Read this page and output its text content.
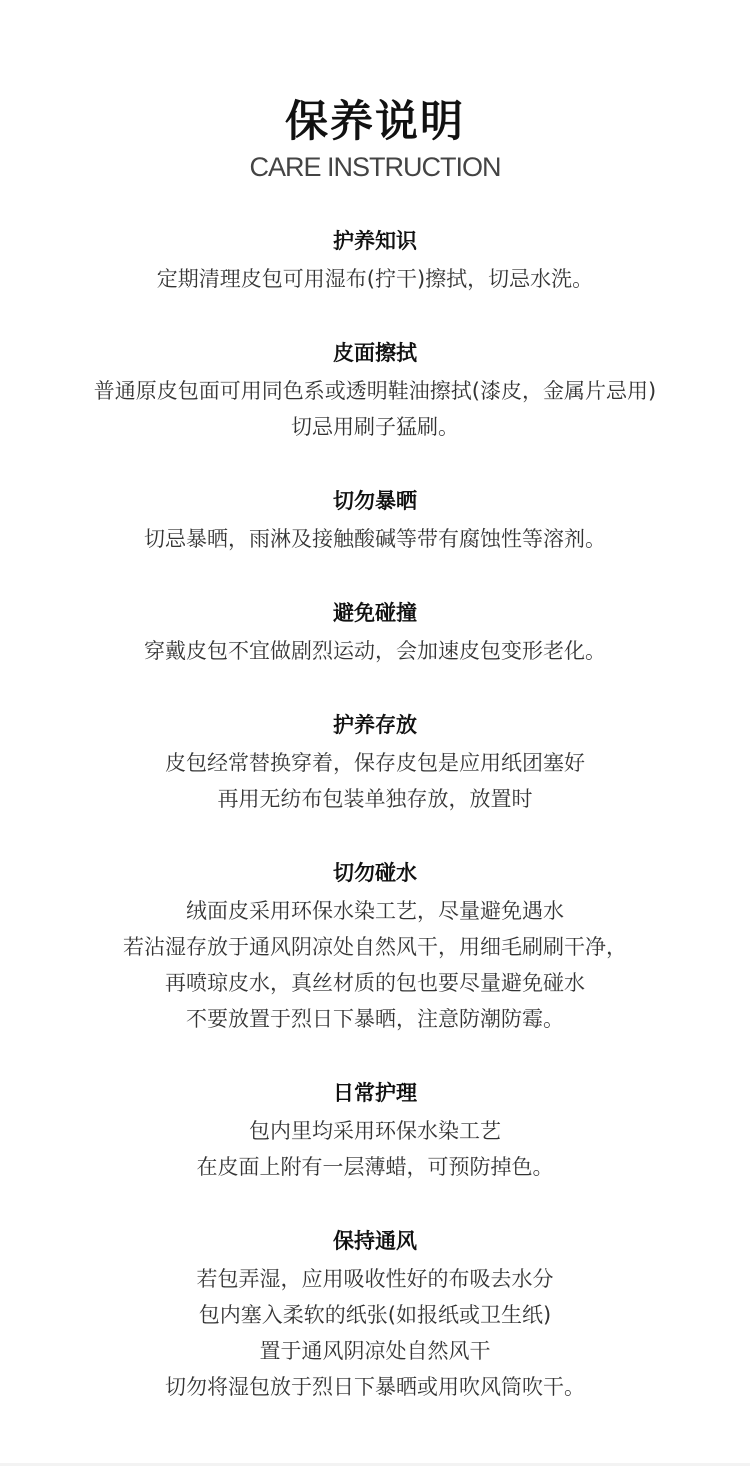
保养说明
CARE INSTRUCTION
护养知识
定期清理皮包可用湿布(拧干)擦拭，切忌水洗。
皮面擦拭
普通原皮包面可用同色系或透明鞋油擦拭(漆皮，金属片忌用)
切忌用刷子猛刷。
切勿暴晒
切忌暴晒，雨淋及接触酸碱等带有腐蚀性等溶剂。
避免碰撞
穿戴皮包不宜做剧烈运动，会加速皮包变形老化。
护养存放
皮包经常替换穿着，保存皮包是应用纸团塞好
再用无纺布包装单独存放，放置时
切勿碰水
绒面皮采用环保水染工艺，尽量避免遇水
若沾湿存放于通风阴凉处自然风干，用细毛刷刷干净，
再喷琼皮水，真丝材质的包也要尽量避免碰水
不要放置于烈日下暴晒，注意防潮防霉。
日常护理
包内里均采用环保水染工艺
在皮面上附有一层薄蜡，可预防掉色。
保持通风
若包弄湿，应用吸收性好的布吸去水分
包内塞入柔软的纸张(如报纸或卫生纸)
置于通风阴凉处自然风干
切勿将湿包放于烈日下暴晒或用吹风筒吹干。
